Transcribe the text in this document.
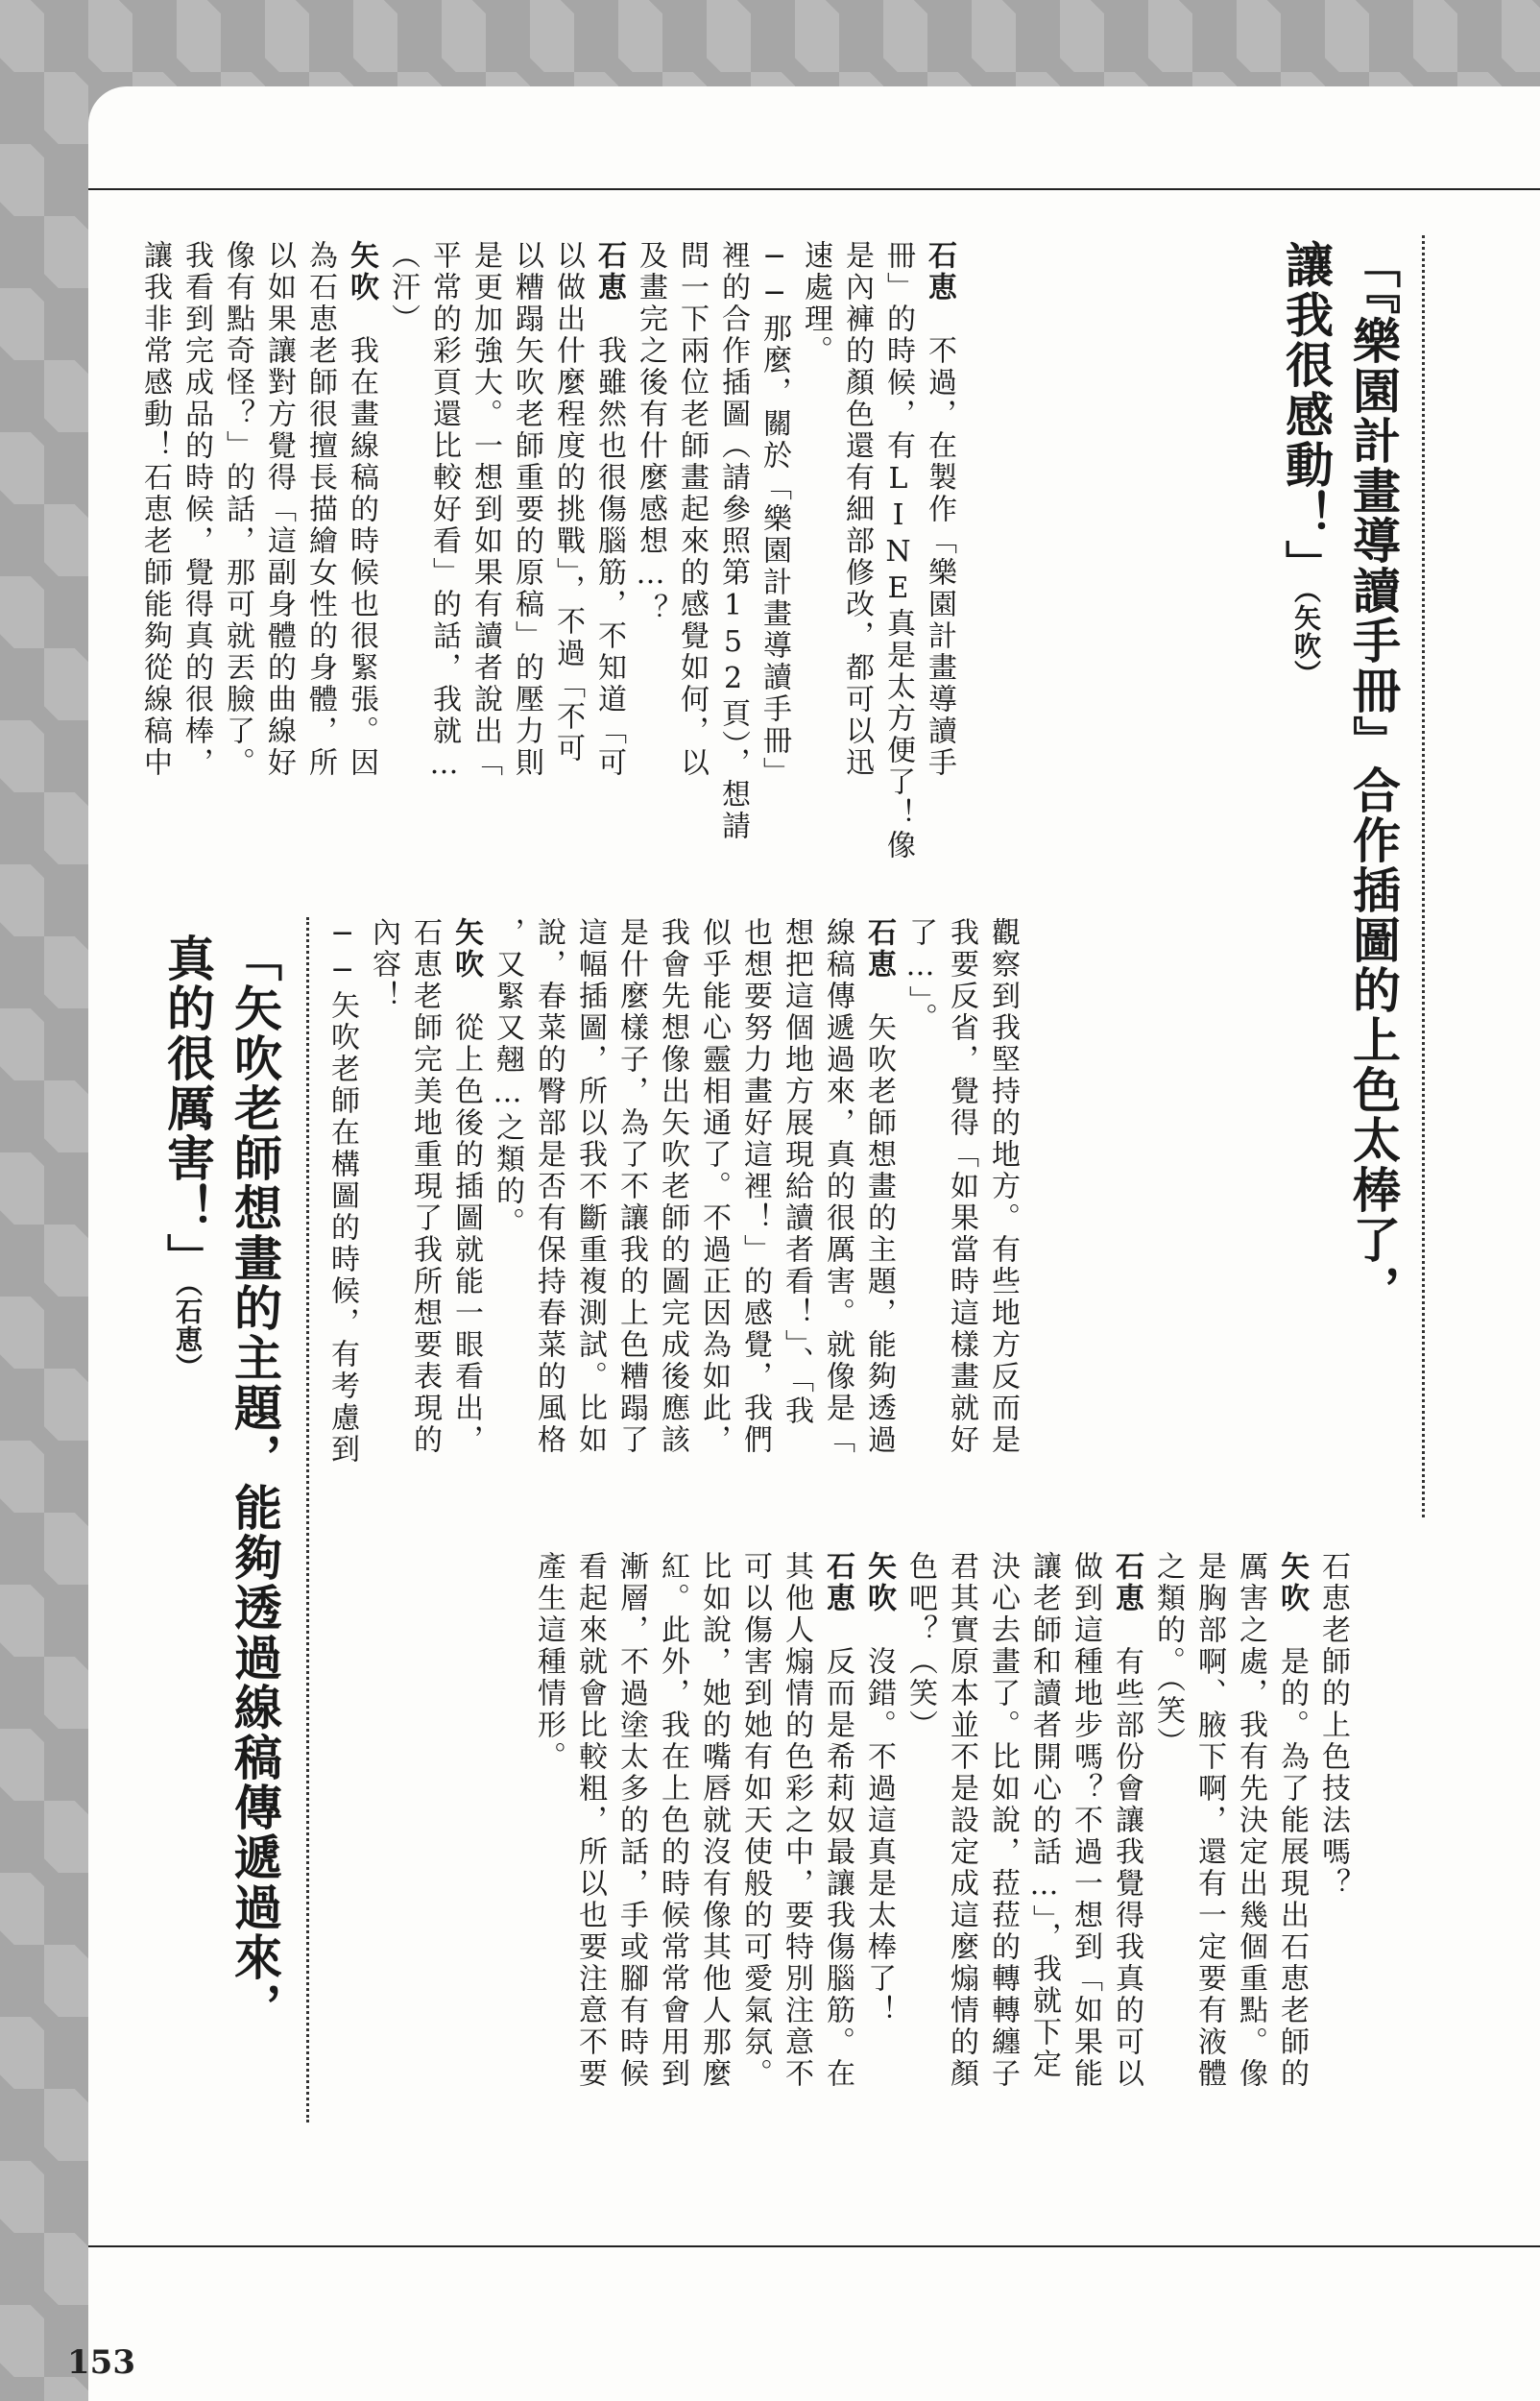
「『樂園計畫導讀手冊』合作插圖的上色太棒了，
讓我很感動！」（矢吹）
「矢吹老師想畫的主題，能夠透過線稿傳遞過來，
真的很厲害！」（石恵）
石恵　不過，在製作「樂園計畫導讀手
冊」的時候，有LINE真是太方便了！像
是內褲的顏色還有細部修改，都可以迅
速處理。
──那麼，關於「樂園計畫導讀手冊」
裡的合作插圖（請參照第152頁），想請
問一下兩位老師畫起來的感覺如何，以
及畫完之後有什麼感想…？
石恵　我雖然也很傷腦筋，不知道「可
以做出什麼程度的挑戰」，不過「不可
以糟蹋矢吹老師重要的原稿」的壓力則
是更加強大。一想到如果有讀者說出「
平常的彩頁還比較好看」的話，我就…
（汗）
矢吹　我在畫線稿的時候也很緊張。因
為石恵老師很擅長描繪女性的身體，所
以如果讓對方覺得「這副身體的曲線好
像有點奇怪？」的話，那可就丟臉了。
我看到完成品的時候，覺得真的很棒，
讓我非常感動！石恵老師能夠從線稿中
觀察到我堅持的地方。有些地方反而是
我要反省，覺得「如果當時這樣畫就好
了…」。
石恵　矢吹老師想畫的主題，能夠透過
線稿傳遞過來，真的很厲害。就像是「
想把這個地方展現給讀者看！」、「我
也想要努力畫好這裡！」的感覺，我們
似乎能心靈相通了。不過正因為如此，
我會先想像出矢吹老師的圖完成後應該
是什麼樣子，為了不讓我的上色糟蹋了
這幅插圖，所以我不斷重複測試。比如
說，春菜的臀部是否有保持春菜的風格
，又緊又翹…之類的。
矢吹　從上色後的插圖就能一眼看出，
石恵老師完美地重現了我所想要表現的
內容！
──矢吹老師在構圖的時候，有考慮到
石恵老師的上色技法嗎？
矢吹　是的。為了能展現出石恵老師的
厲害之處，我有先決定出幾個重點。像
是胸部啊、腋下啊，還有一定要有液體
之類的。（笑）
石恵　有些部份會讓我覺得我真的可以
做到這種地步嗎？不過一想到「如果能
讓老師和讀者開心的話…」，我就下定
決心去畫了。比如說，菈菈的轉轉纏子
君其實原本並不是設定成這麼煽情的顏
色吧？（笑）
矢吹　沒錯。不過這真是太棒了！
石恵　反而是希莉奴最讓我傷腦筋。在
其他人煽情的色彩之中，要特別注意不
可以傷害到她有如天使般的可愛氣氛。
比如說，她的嘴唇就沒有像其他人那麼
紅。此外，我在上色的時候常常會用到
漸層，不過塗太多的話，手或腳有時候
看起來就會比較粗，所以也要注意不要
產生這種情形。
153
